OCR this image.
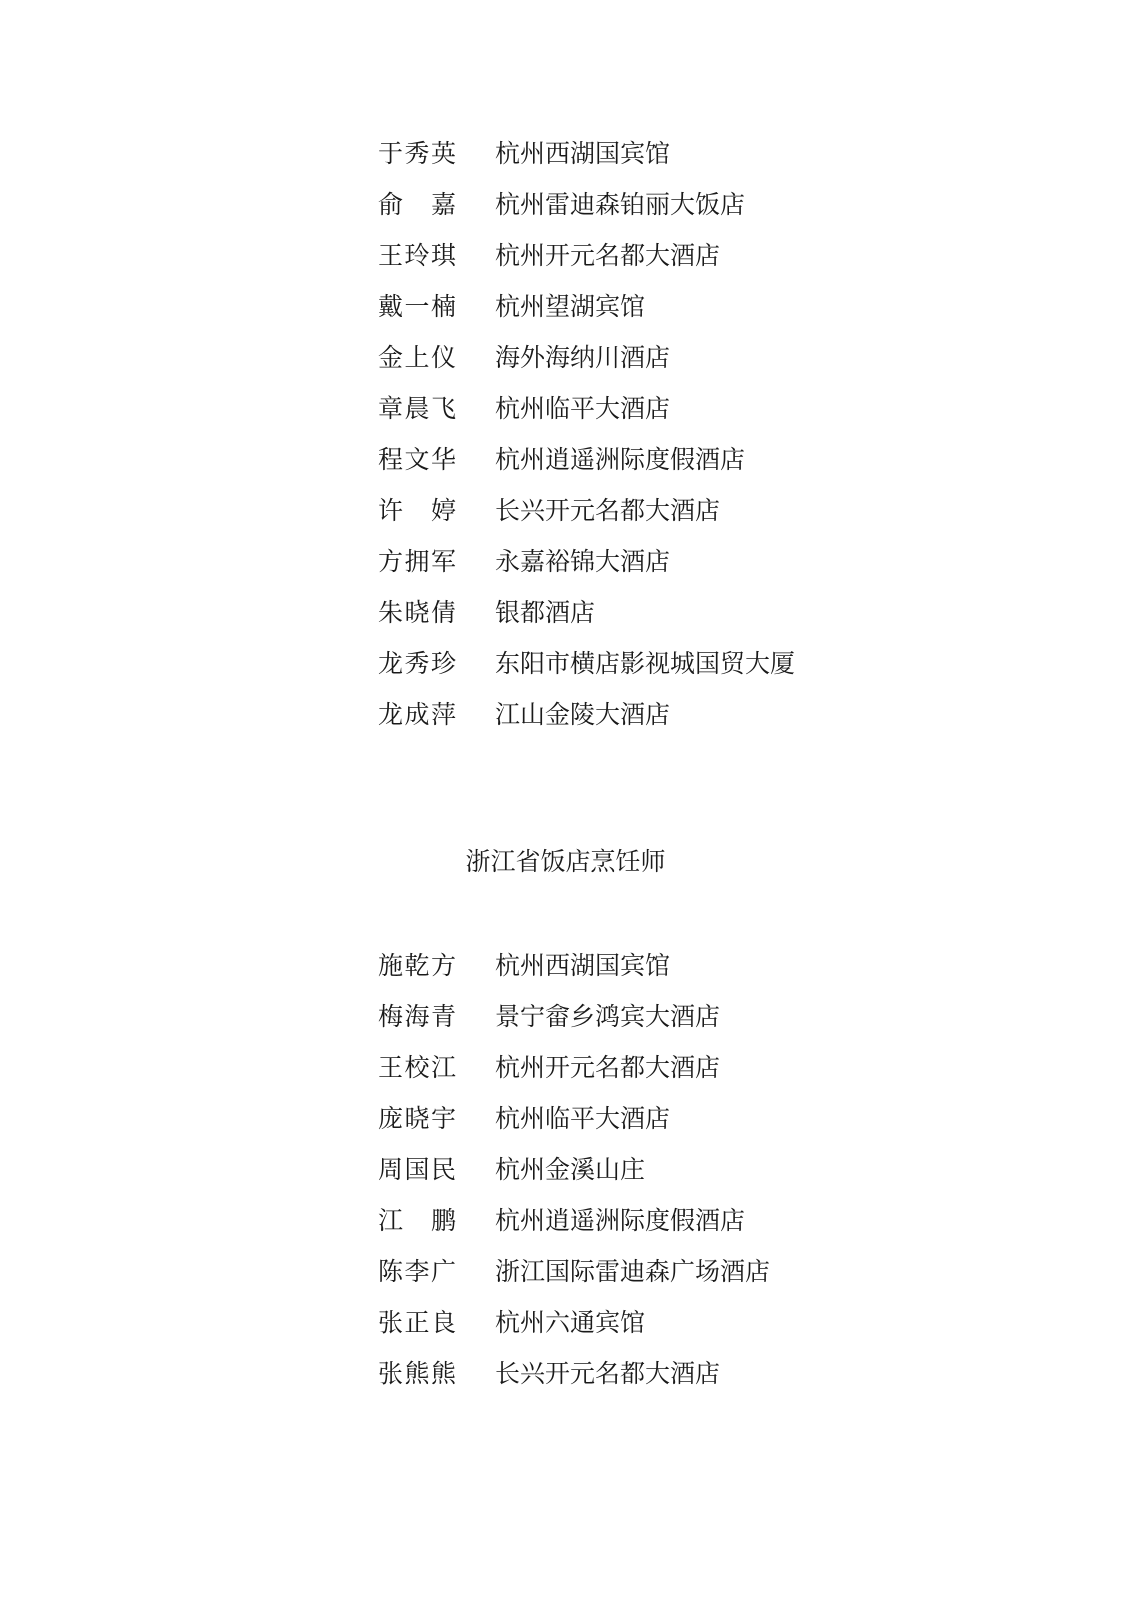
于秀英 杭州西湖国宾馆
俞嘉 杭州雷迪森铂丽大饭店
王玲琪 杭州开元名都大酒店
戴一楠 杭州望湖宾馆
金上仪 海外海纳川酒店
章晨飞 杭州临平大酒店
程文华 杭州逍遥洲际度假酒店
许婷 长兴开元名都大酒店
方拥军 永嘉裕锦大酒店
朱晓倩 银都酒店
龙秀珍 东阳市横店影视城国贸大厦
龙成萍 江山金陵大酒店
浙江省饭店烹饪师
施乾方 杭州西湖国宾馆
梅海青 景宁畲乡鸿宾大酒店
王校江 杭州开元名都大酒店
庞晓宇 杭州临平大酒店
周国民 杭州金溪山庄
江鹏 杭州逍遥洲际度假酒店
陈李广 浙江国际雷迪森广场酒店
张正良 杭州六通宾馆
张熊熊 长兴开元名都大酒店
